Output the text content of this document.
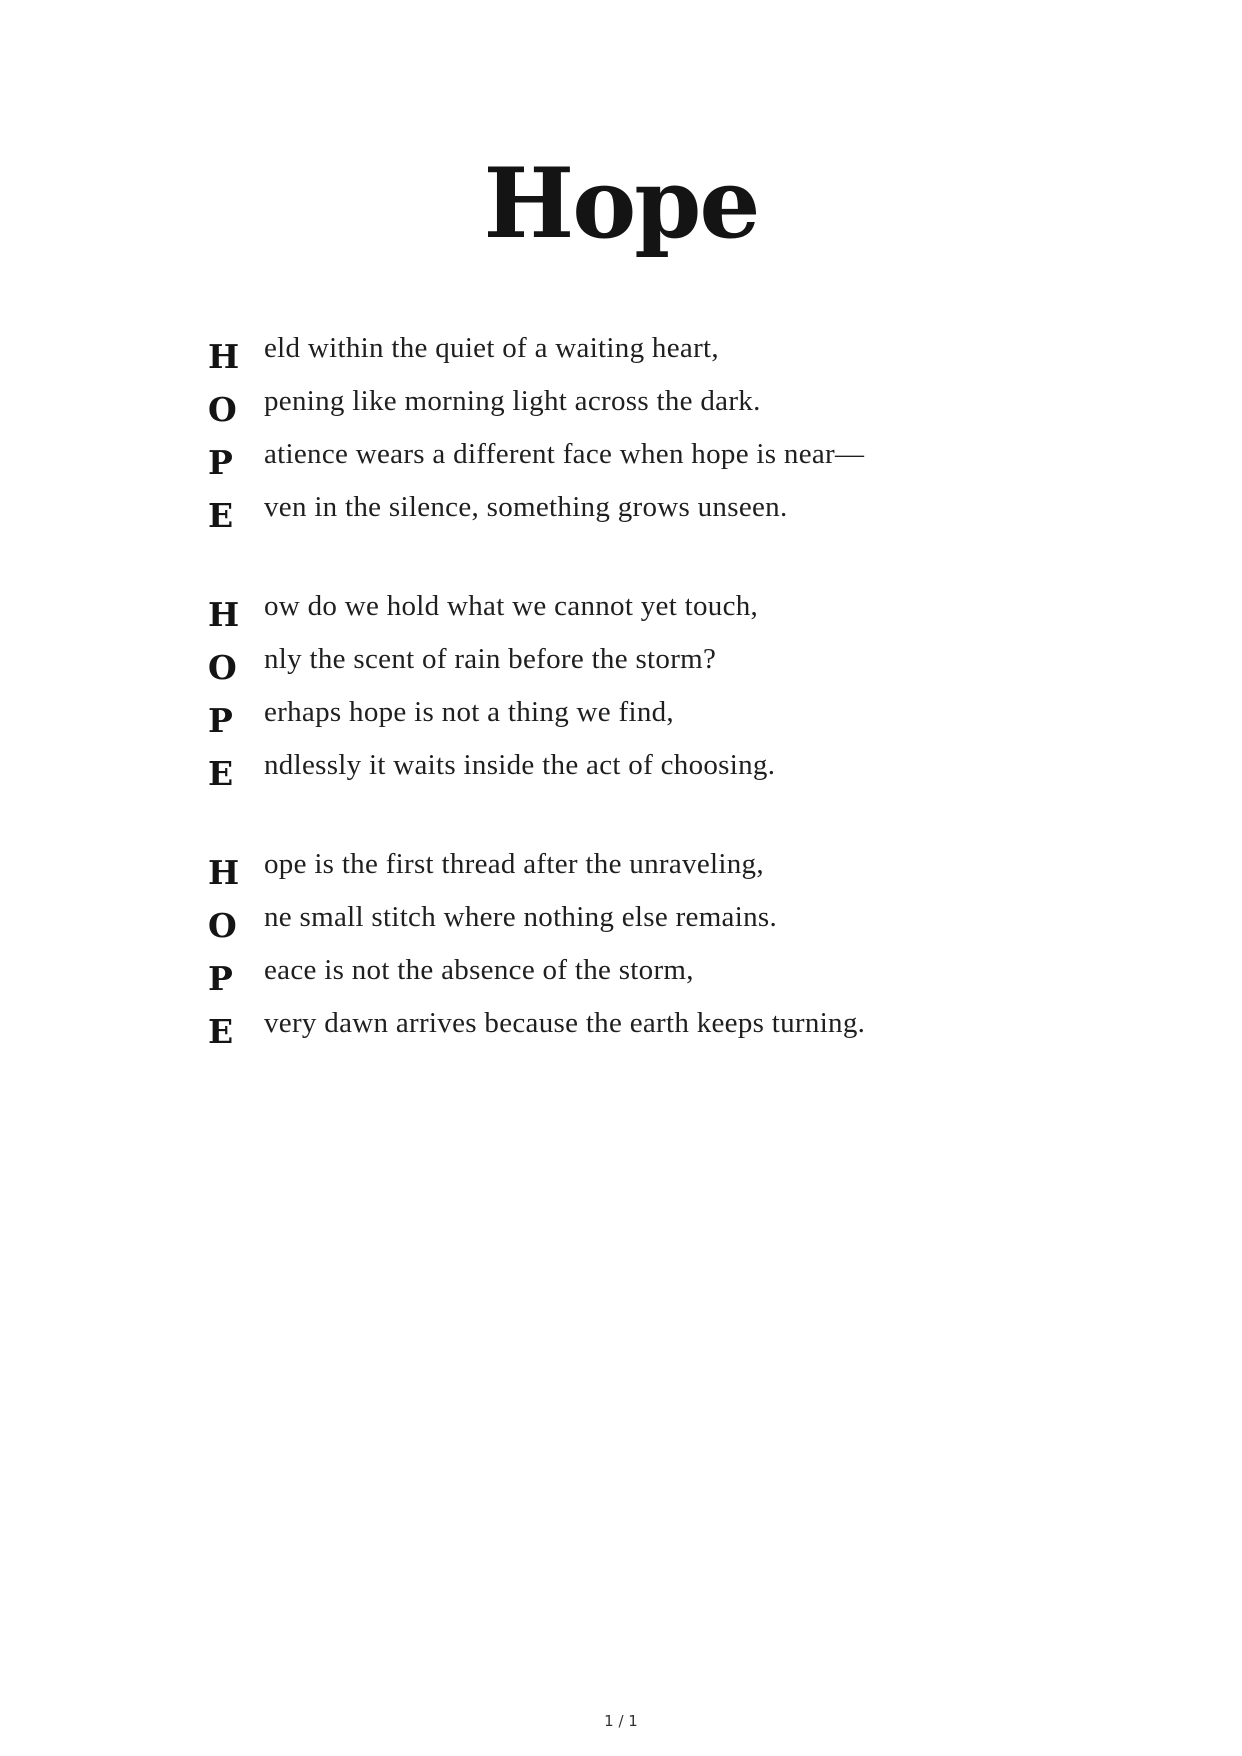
Hope
H eld within the quiet of a waiting heart,
O pening like morning light across the dark.
P	atience wears a different face when hope is near—
E	ven in the silence, something grows unseen.
H ow do we hold what we cannot yet touch,
O nly the scent of rain before the storm?
P	erhaps hope is not a thing we find,
E	ndlessly it waits inside the act of choosing.
H ope is the first thread after the unraveling,
O ne small stitch where nothing else remains.
P	eace is not the absence of the storm,
E	very dawn arrives because the earth keeps turning.
1 / 1
